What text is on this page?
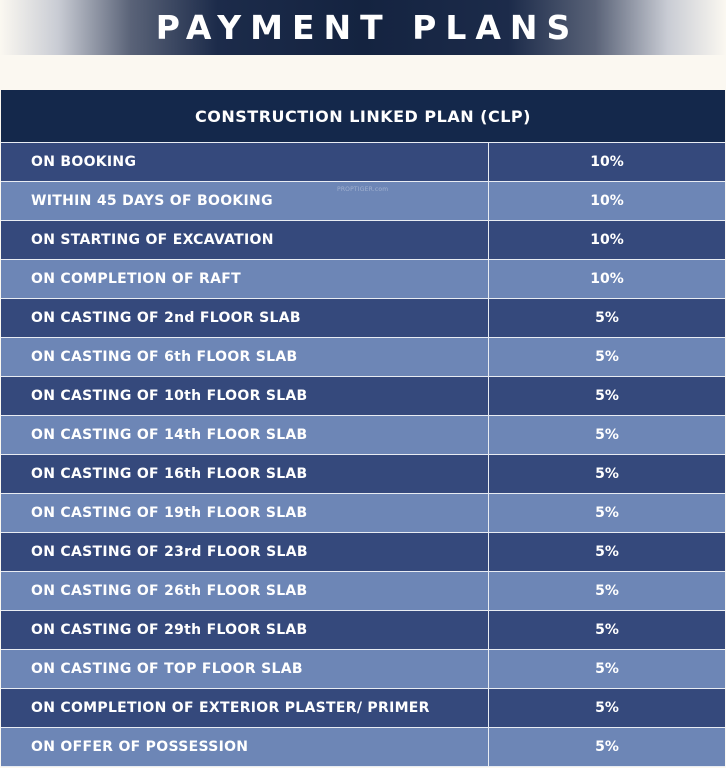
PAYMENT PLANS
CONSTRUCTION LINKED PLAN (CLP)
ON BOOKING	10%
WITHIN 45 DAYS OF BOOKING	10%
ON STARTING OF EXCAVATION	10%
ON COMPLETION OF RAFT	10%
ON CASTING OF 2nd FLOOR SLAB	5%
ON CASTING OF 6th FLOOR SLAB	5%
ON CASTING OF 10th FLOOR SLAB	5%
ON CASTING OF 14th FLOOR SLAB	5%
ON CASTING OF 16th FLOOR SLAB	5%
ON CASTING OF 19th FLOOR SLAB	5%
ON CASTING OF 23rd FLOOR SLAB	5%
ON CASTING OF 26th FLOOR SLAB	5%
ON CASTING OF 29th FLOOR SLAB	5%
ON CASTING OF TOP FLOOR SLAB	5%
ON COMPLETION OF EXTERIOR PLASTER/ PRIMER	5%
ON OFFER OF POSSESSION	5%
PROPTIGER.com
